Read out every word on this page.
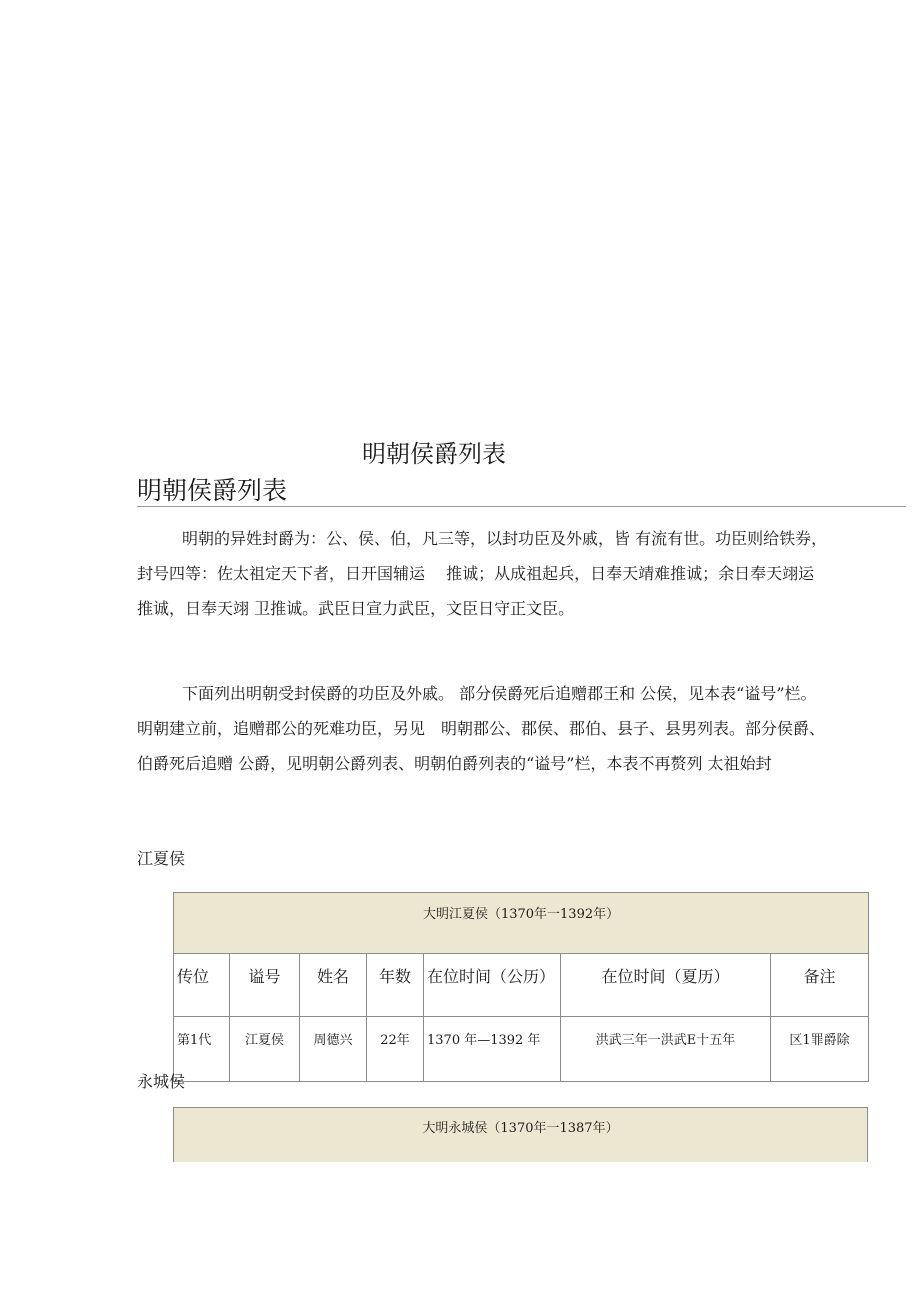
明朝侯爵列表
明朝侯爵列表

明朝的异姓封爵为：公、侯、伯，凡三等，以封功臣及外戚，皆 有流有世。功臣则给铁券，
封号四等：佐太祖定天下者，日开国辅运　 推诚；从成祖起兵，日奉天靖难推诚；余日奉天翊运
推诚，日奉天翊 卫推诚。武臣日宣力武臣，文臣日守正文臣。

下面列出明朝受封侯爵的功臣及外戚。 部分侯爵死后追赠郡王和 公侯，见本表“谥号”栏。
明朝建立前，追赠郡公的死难功臣，另见　明朝郡公、郡侯、郡伯、县子、县男列表。部分侯爵、
伯爵死后追赠 公爵，见明朝公爵列表、明朝伯爵列表的“谥号”栏，本表不再赘列 太祖始封

江夏侯

大明江夏侯（1370年一1392年）						
传位	谥号	姓名	年数	在位时间（公历）	在位时间（夏历）	备注
第1代	江夏侯	周德兴	22年	1370 年—1392 年	洪武三年一洪武E十五年	区1罪爵除

永城侯

大明永城侯（1370年一1387年）
